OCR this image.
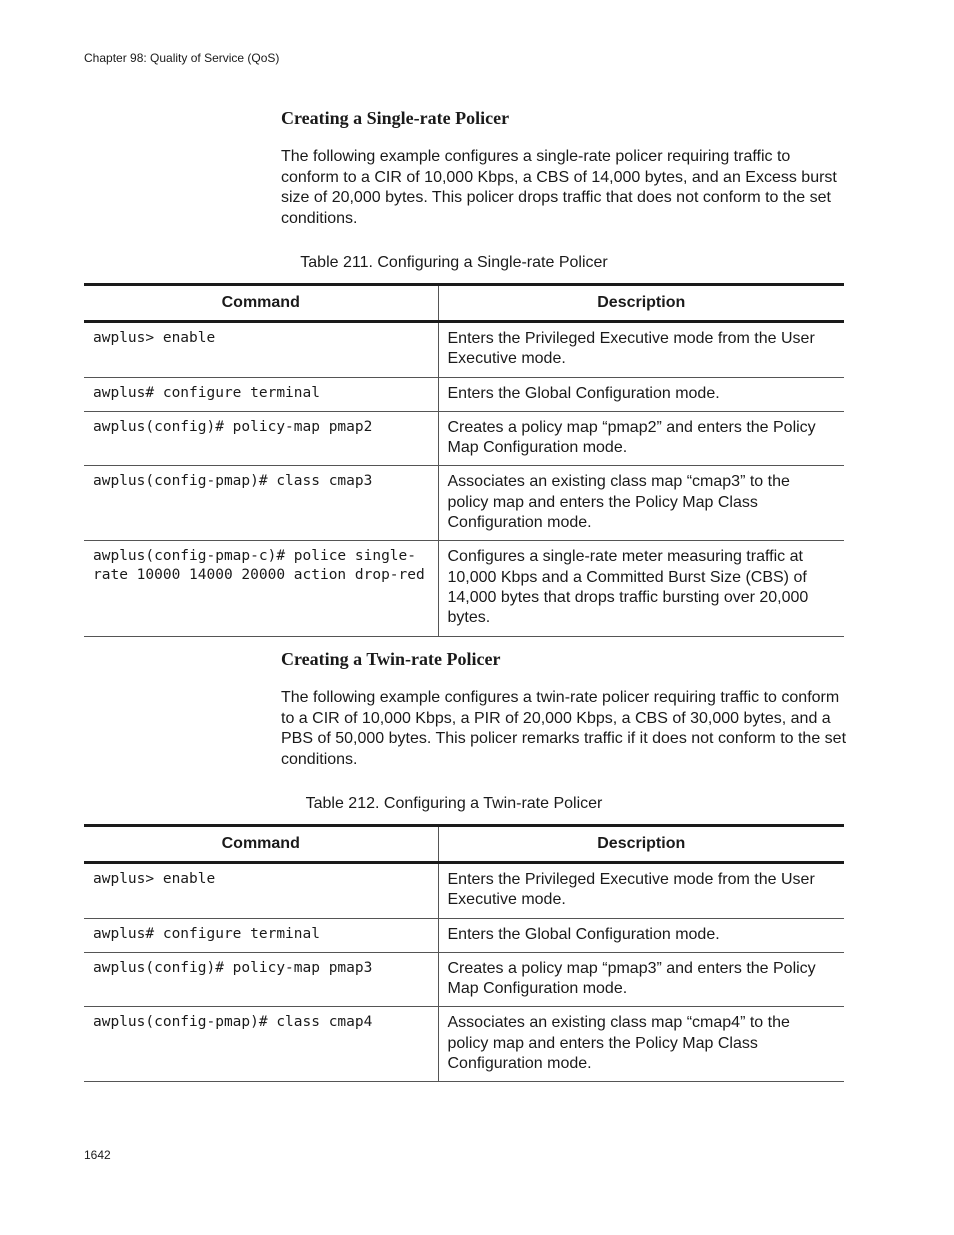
Chapter 98: Quality of Service (QoS)
Creating a Single-rate Policer
The following example configures a single-rate policer requiring traffic to conform to a CIR of 10,000 Kbps, a CBS of 14,000 bytes, and an Excess burst size of 20,000 bytes. This policer drops traffic that does not conform to the set conditions.
Table 211. Configuring a Single-rate Policer
Command	Description
awplus> enable	Enters the Privileged Executive mode from the User Executive mode.
awplus# configure terminal	Enters the Global Configuration mode.
awplus(config)# policy-map pmap2	Creates a policy map “pmap2” and enters the Policy Map Configuration mode.
awplus(config-pmap)# class cmap3	Associates an existing class map “cmap3” to the policy map and enters the Policy Map Class Configuration mode.
awplus(config-pmap-c)# police single-rate 10000 14000 20000 action drop-red	Configures a single-rate meter measuring traffic at 10,000 Kbps and a Committed Burst Size (CBS) of 14,000 bytes that drops traffic bursting over 20,000 bytes.
Creating a Twin-rate Policer
The following example configures a twin-rate policer requiring traffic to conform to a CIR of 10,000 Kbps, a PIR of 20,000 Kbps, a CBS of 30,000 bytes, and a PBS of 50,000 bytes. This policer remarks traffic if it does not conform to the set conditions.
Table 212. Configuring a Twin-rate Policer
Command	Description
awplus> enable	Enters the Privileged Executive mode from the User Executive mode.
awplus# configure terminal	Enters the Global Configuration mode.
awplus(config)# policy-map pmap3	Creates a policy map “pmap3” and enters the Policy Map Configuration mode.
awplus(config-pmap)# class cmap4	Associates an existing class map “cmap4” to the policy map and enters the Policy Map Class Configuration mode.
1642
